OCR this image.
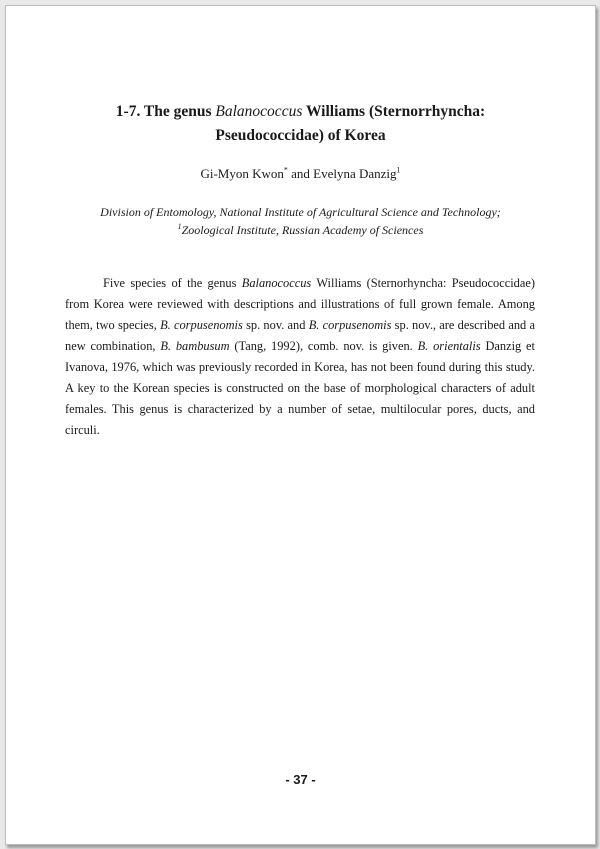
1-7. The genus Balanococcus Williams (Sternorrhyncha:
Pseudococcidae) of Korea
Gi-Myon Kwon* and Evelyna Danzig$^1$
Division of Entomology, National Institute of Agricultural Science and Technology;
$^1$Zoological Institute, Russian Academy of Sciences

Five species of the genus Balanococcus Williams (Sternorhyncha: Pseudococcidae) from Korea were reviewed with descriptions and illustrations of full grown female. Among them, two species, B. corpusenomis sp. nov. and B. corpusenomis sp. nov., are described and a new combination, B. bambusum (Tang, 1992), comb. nov. is given. B. orientalis Danzig et Ivanova, 1976, which was previously recorded in Korea, has not been found during this study. A key to the Korean species is constructed on the base of morphological characters of adult females. This genus is characterized by a number of setae, multilocular pores, ducts, and circuli.

- 37 -
